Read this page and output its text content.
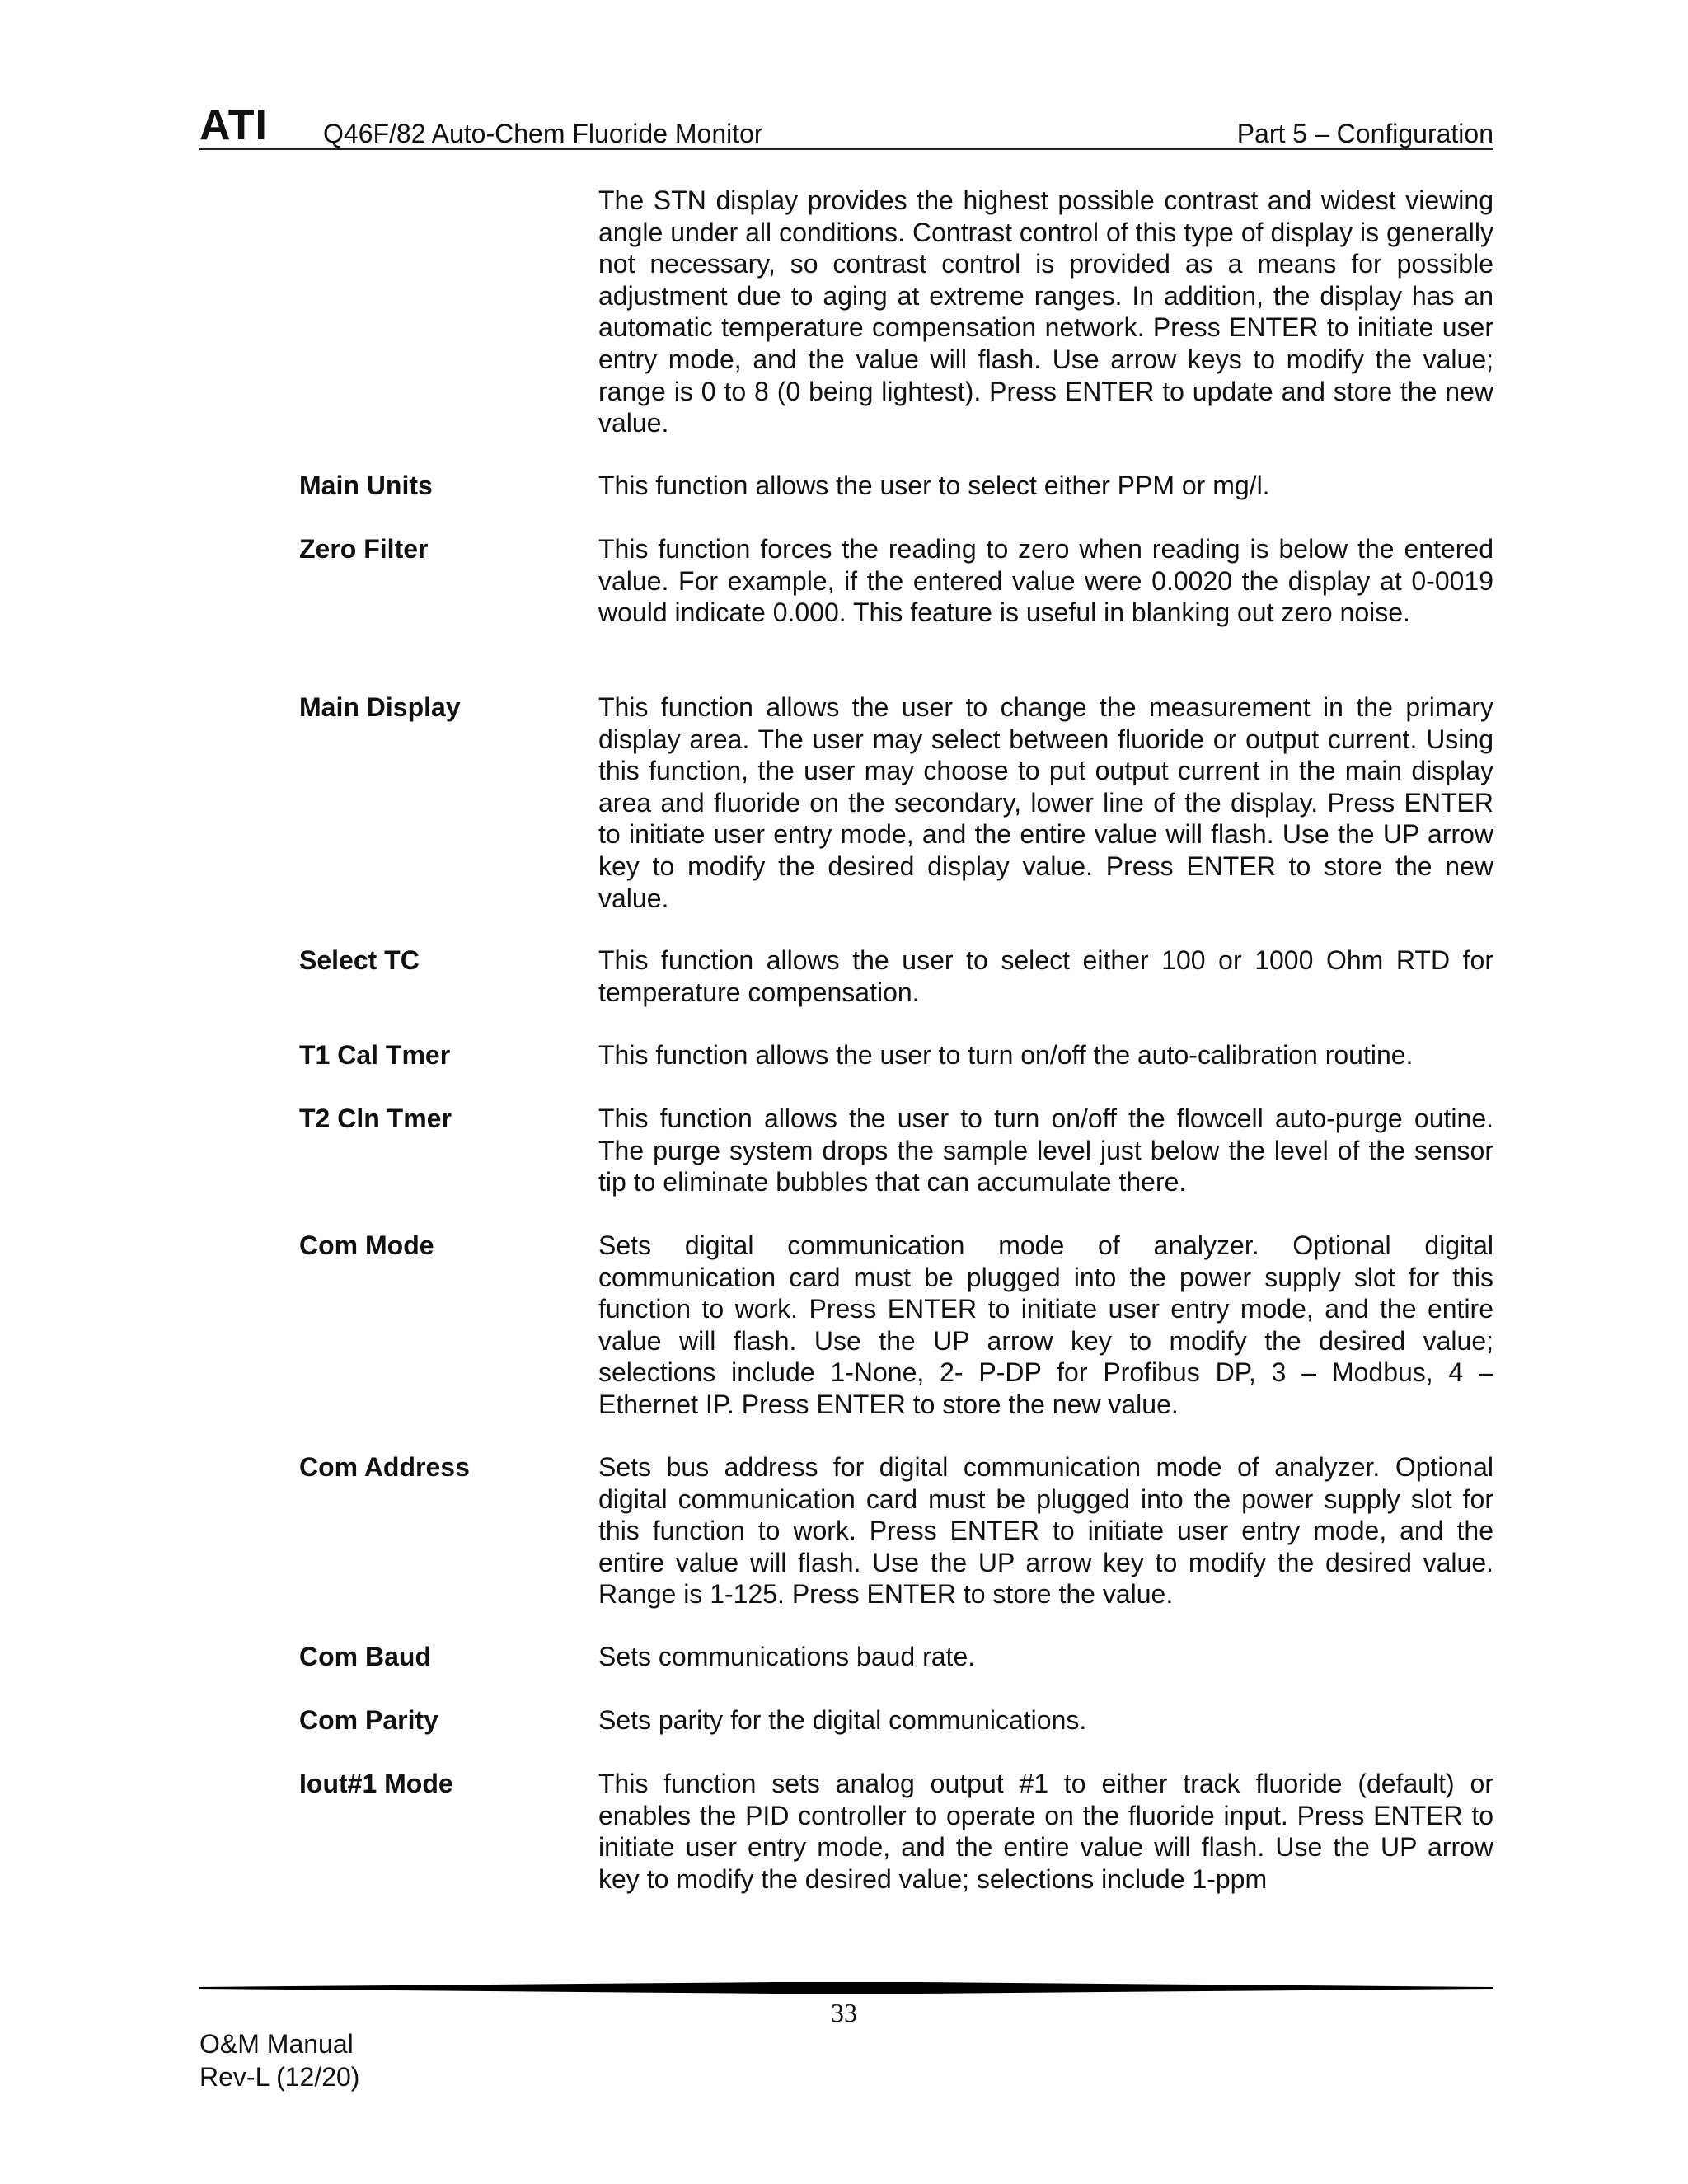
ATI Q46F/82 Auto-Chem Fluoride Monitor	Part 5 – Configuration
The STN display provides the highest possible contrast and widest viewing angle under all conditions. Contrast control of this type of display is generally not necessary, so contrast control is provided as a means for possible adjustment due to aging at extreme ranges. In addition, the display has an automatic temperature compensation network. Press ENTER to initiate user entry mode, and the value will flash. Use arrow keys to modify the value; range is 0 to 8 (0 being lightest). Press ENTER to update and store the new value.
Main Units	This function allows the user to select either PPM or mg/l.
Zero Filter	This function forces the reading to zero when reading is below the entered value. For example, if the entered value were 0.0020 the display at 0-0019 would indicate 0.000. This feature is useful in blanking out zero noise.
Main Display	This function allows the user to change the measurement in the primary display area. The user may select between fluoride or output current. Using this function, the user may choose to put output current in the main display area and fluoride on the secondary, lower line of the display. Press ENTER to initiate user entry mode, and the entire value will flash. Use the UP arrow key to modify the desired display value. Press ENTER to store the new value.
Select TC	This function allows the user to select either 100 or 1000 Ohm RTD for temperature compensation.
T1 Cal Tmer	This function allows the user to turn on/off the auto-calibration routine.
T2 Cln Tmer	This function allows the user to turn on/off the flowcell auto-purge outine. The purge system drops the sample level just below the level of the sensor tip to eliminate bubbles that can accumulate there.
Com Mode	Sets digital communication mode of analyzer. Optional digital communication card must be plugged into the power supply slot for this function to work. Press ENTER to initiate user entry mode, and the entire value will flash. Use the UP arrow key to modify the desired value; selections include 1-None, 2- P-DP for Profibus DP, 3 – Modbus, 4 – Ethernet IP. Press ENTER to store the new value.
Com Address	Sets bus address for digital communication mode of analyzer. Optional digital communication card must be plugged into the power supply slot for this function to work. Press ENTER to initiate user entry mode, and the entire value will flash. Use the UP arrow key to modify the desired value. Range is 1-125. Press ENTER to store the value.
Com Baud	Sets communications baud rate.
Com Parity	Sets parity for the digital communications.
Iout#1 Mode	This function sets analog output #1 to either track fluoride (default) or enables the PID controller to operate on the fluoride input. Press ENTER to initiate user entry mode, and the entire value will flash. Use the UP arrow key to modify the desired value; selections include 1-ppm
33
O&M Manual
Rev-L (12/20)
